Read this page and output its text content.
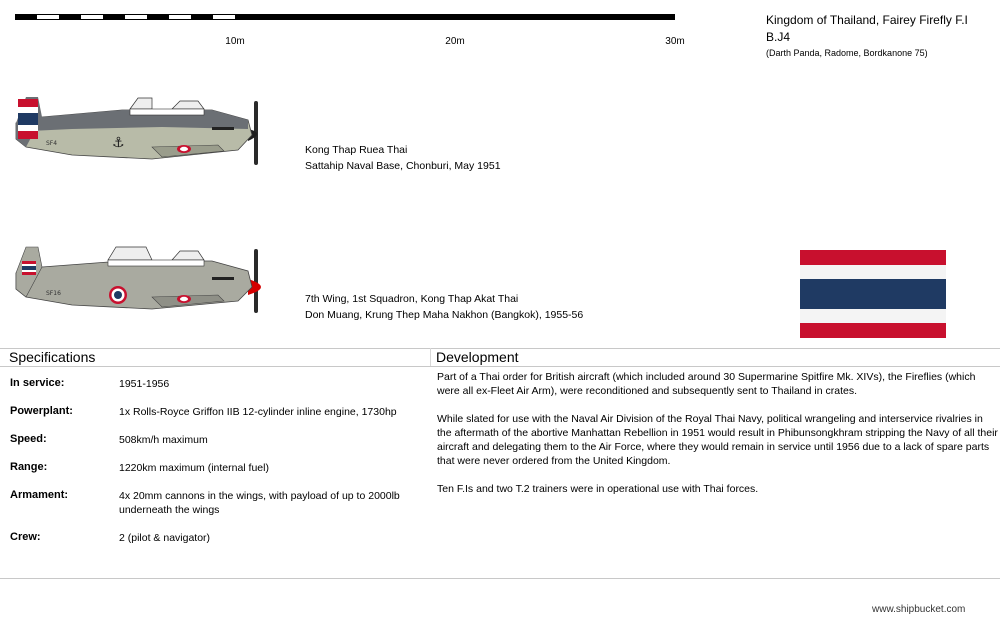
10m	20m	30m
Kingdom of Thailand, Fairey Firefly F.I
B.J4
(Darth Panda, Radome, Bordkanone 75)
⚓
SF4
Kong Thap Ruea Thai
Sattahip Naval Base, Chonburi, May 1951
SF16	7th Wing, 1st Squadron, Kong Thap Akat Thai
Don Muang, Krung Thep Maha Nakhon (Bangkok), 1955-56
Specifications
In service:	1951-1956
Powerplant:	1x Rolls-Royce Griffon IIB 12-cylinder inline engine, 1730hp
Speed:	508km/h maximum
Range:	1220km maximum (internal fuel)
Armament:	4x 20mm cannons in the wings, with payload of up to 2000lb underneath the wings
Crew:	2 (pilot & navigator)
Development

Part of a Thai order for British aircraft (which included around 30 Supermarine Spitfire Mk. XIVs), the Fireflies (which were all ex-Fleet Air Arm), were reconditioned and subsequently sent to Thailand in crates.

While slated for use with the Naval Air Division of the Royal Thai Navy, political wrangeling and interservice rivalries in the aftermath of the abortive Manhattan Rebellion in 1951 would result in Phibunsongkhram stripping the Navy of all their aircraft and delegating them to the Air Force, where they would remain in service until 1956 due to a lack of spare parts that were never ordered from the United Kingdom.

Ten F.Is and two T.2 trainers were in operational use with Thai forces.

www.shipbucket.com
